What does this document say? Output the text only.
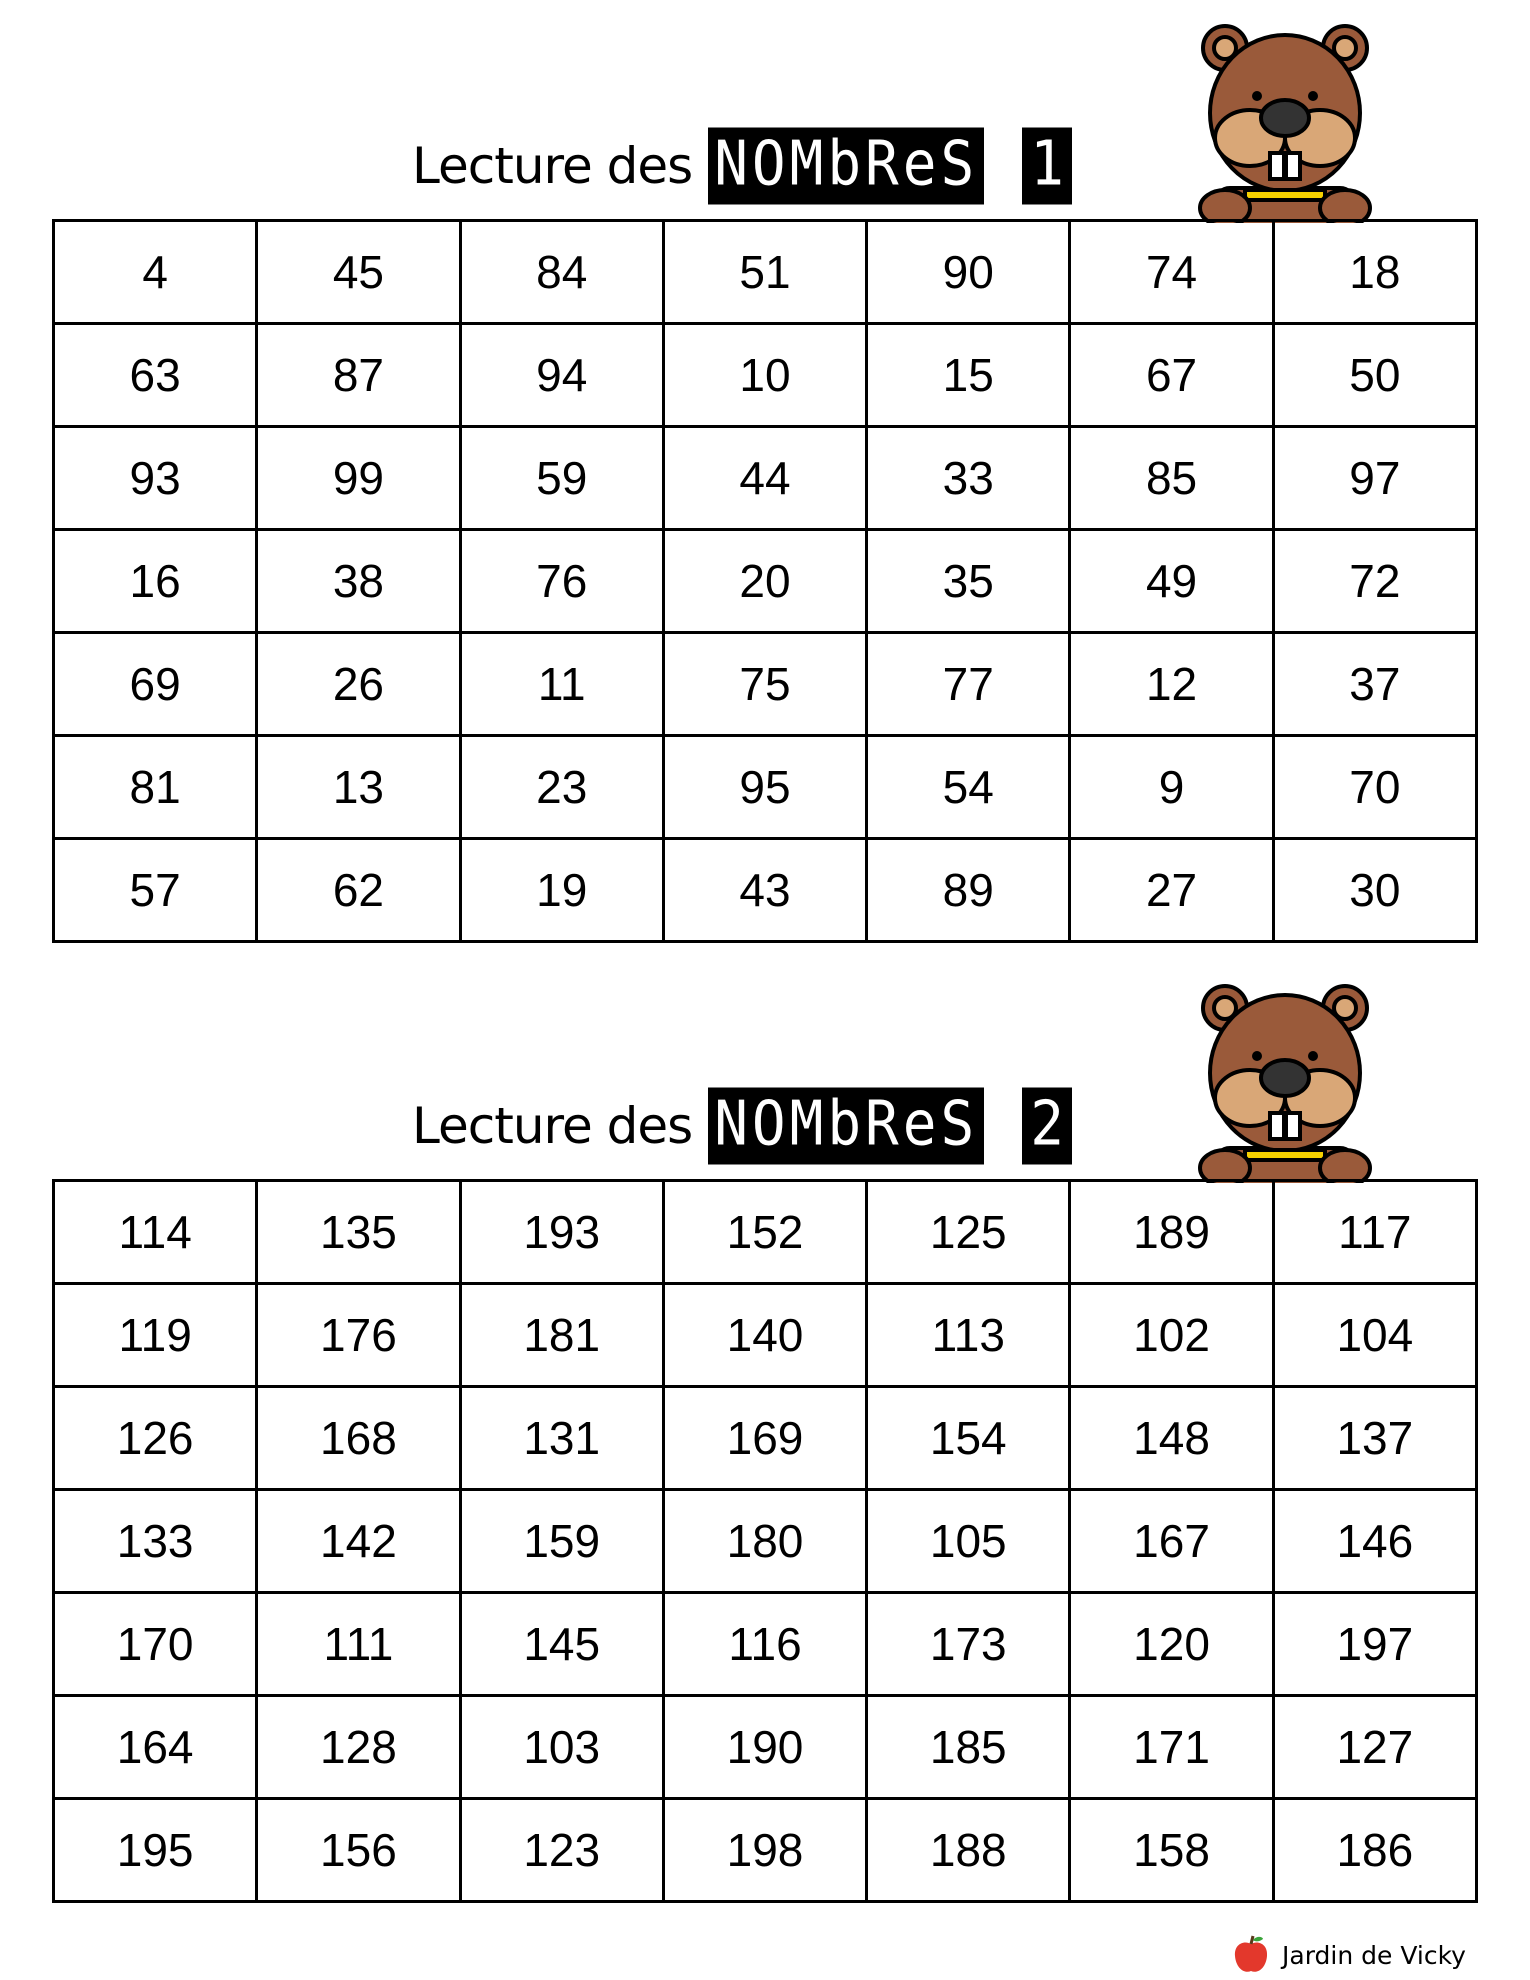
Lecture des NOMbReS 1
4	45	84	51	90	74	18
63	87	94	10	15	67	50
93	99	59	44	33	85	97
16	38	76	20	35	49	72
69	26	11	75	77	12	37
81	13	23	95	54	9	70
57	62	19	43	89	27	30
Lecture des NOMbReS 2
114	135	193	152	125	189	117
119	176	181	140	113	102	104
126	168	131	169	154	148	137
133	142	159	180	105	167	146
170	111	145	116	173	120	197
164	128	103	190	185	171	127
195	156	123	198	188	158	186
Jardin de Vicky
